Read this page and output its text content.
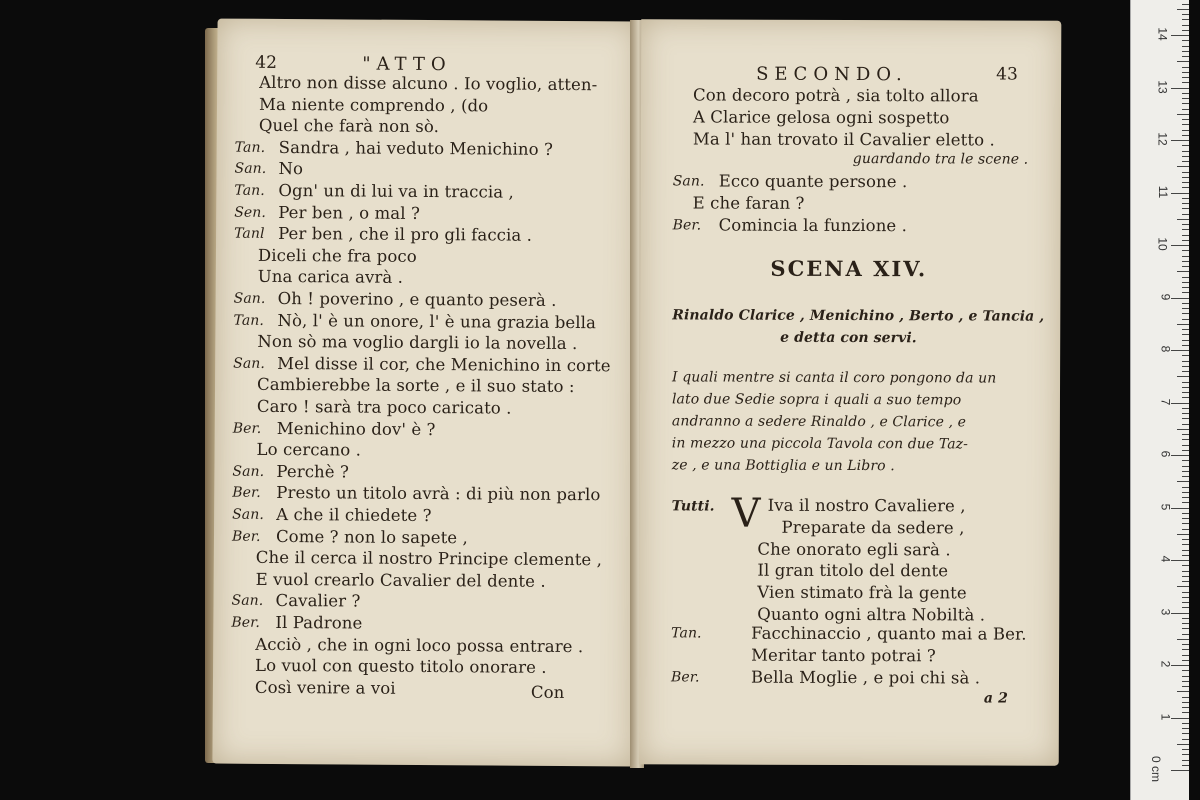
42	"ATTO
Altro non disse alcuno . Io voglio, atten-
Ma niente comprendo , (do
Quel che farà non sò.
Tan. Sandra , hai veduto Menichino ?
San. No
Tan. Ogn' un di lui va in traccia ,
Sen. Per ben , o mal ?
Tanl Per ben , che il pro gli faccia .
Diceli che fra poco
Una carica avrà .
San. Oh ! poverino , e quanto peserà .
Tan. Nò, l' è un onore, l' è una grazia bella
Non sò ma voglio dargli io la novella .
San. Mel disse il cor, che Menichino in corte
Cambierebbe la sorte , e il suo stato :
Caro ! sarà tra poco caricato .
Ber. Menichino dov' è ?
Lo cercano .
San. Perchè ?
Ber. Presto un titolo avrà : di più non parlo
San. A che il chiedete ?
Ber. Come ? non lo sapete ,
Che il cerca il nostro Principe clemente ,
E vuol crearlo Cavalier del dente .
San. Cavalier ?
Ber. Il Padrone
Acciò , che in ogni loco possa entrare .
Lo vuol con questo titolo onorare .
Così venire a voi	Con
SECONDO.	43
Con decoro potrà , sia tolto allora
A Clarice gelosa ogni sospetto
Ma l' han trovato il Cavalier eletto .
guardando tra le scene .
San. Ecco quante persone .
E che faran ?
Ber. Comincia la funzione .
SCENA XIV.
Rinaldo Clarice , Menichino , Berto , e Tancia ,
e detta con servi.
I quali mentre si canta il coro pongono da un
lato due Sedie sopra i quali a suo tempo
andranno a sedere Rinaldo , e Clarice , e
in mezzo una piccola Tavola con due Taz-
ze , e una Bottiglia e un Libro .
Tutti. V Iva il nostro Cavaliere ,
Preparate da sedere ,
Che onorato egli sarà .
Il gran titolo del dente
Vien stimato frà la gente
Quanto ogni altra Nobiltà .
Tan.	Facchinaccio , quanto mai a Ber.
Meritar tanto potrai ?
Ber.	Bella Moglie , e poi chi sà .
a 2
0 cm
1
2
3
4
5
6
7
8
9
10
11
12
13
14
